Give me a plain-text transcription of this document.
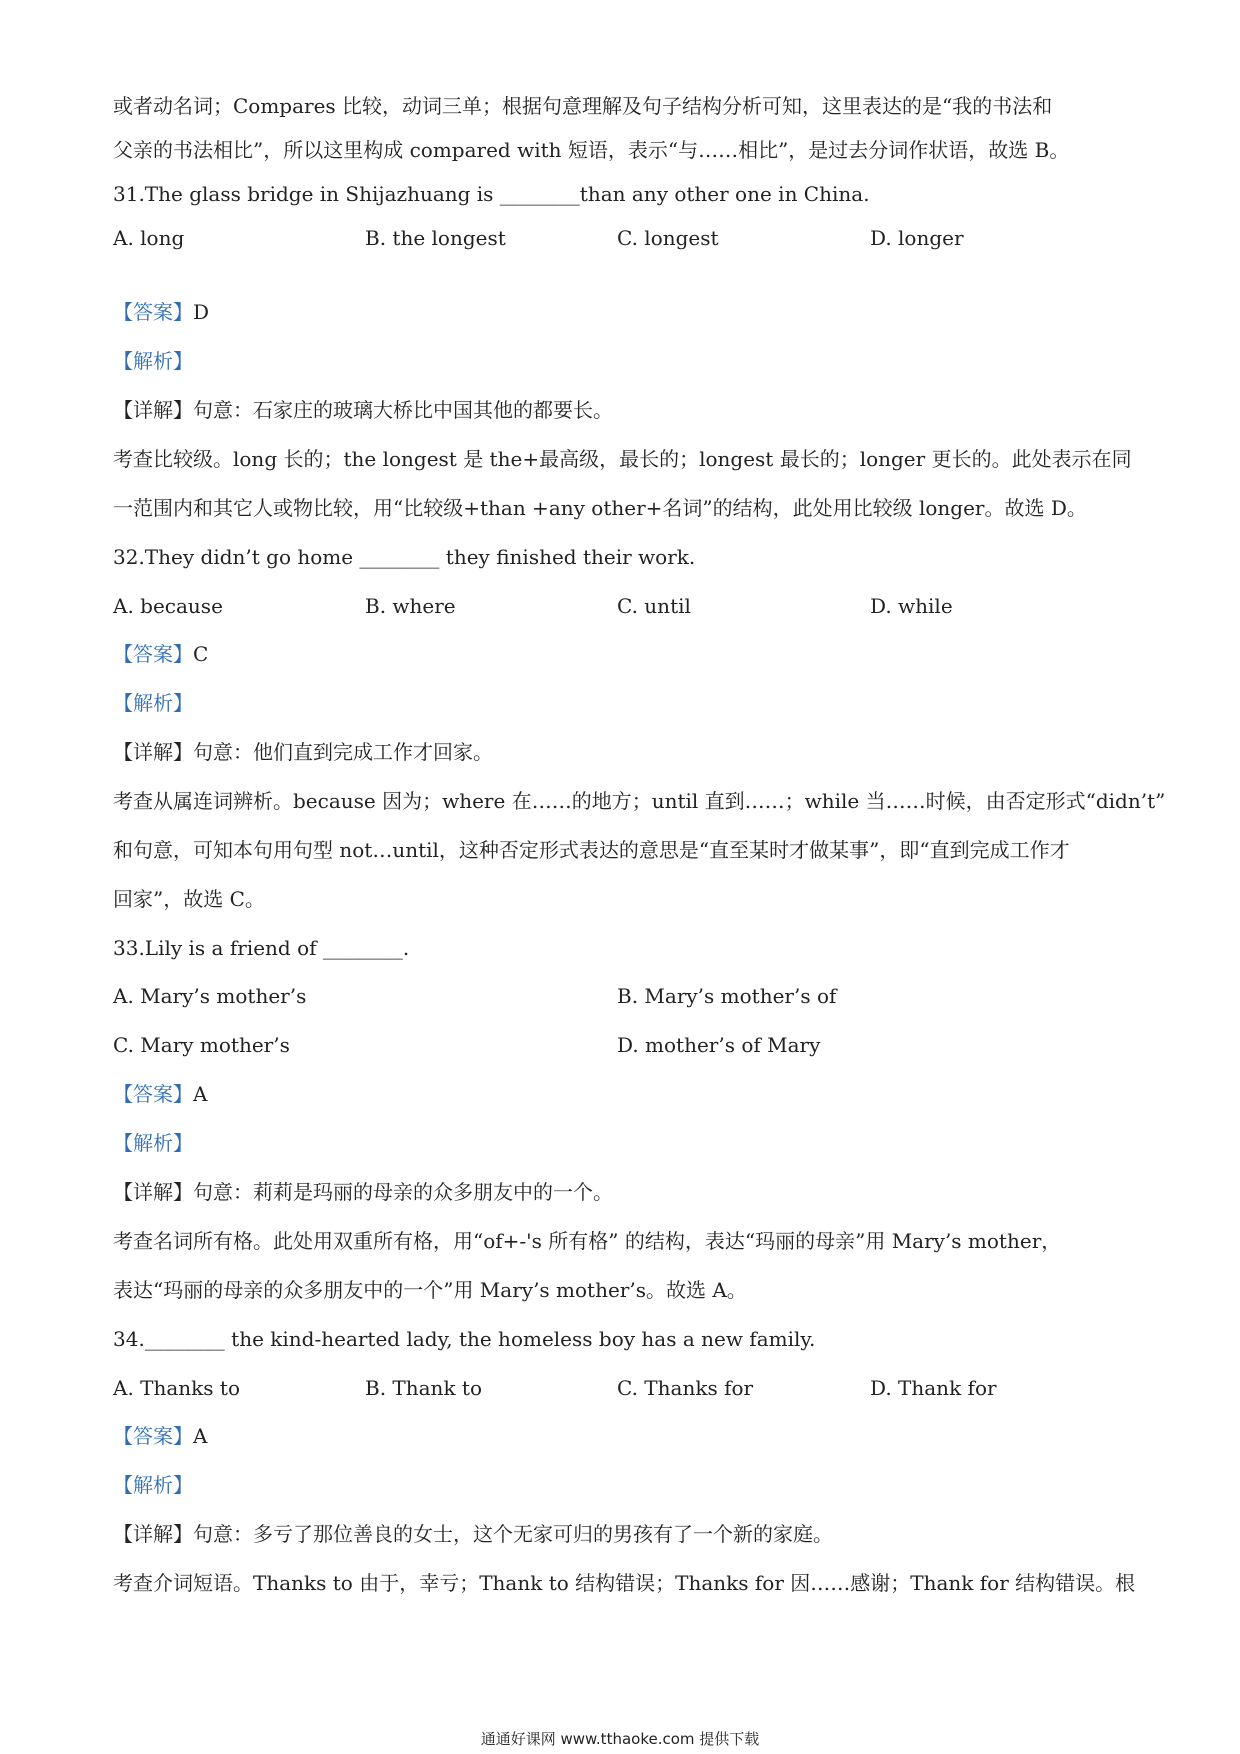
或者动名词；Compares 比较，动词三单；根据句意理解及句子结构分析可知，这里表达的是“我的书法和
父亲的书法相比”，所以这里构成 compared with 短语，表示“与……相比”，是过去分词作状语，故选 B。
31.The glass bridge in Shijazhuang is ________than any other one in China.
A. long	B. the longest	C. longest	D. longer
【答案】D
【解析】
【详解】句意：石家庄的玻璃大桥比中国其他的都要长。
考查比较级。long 长的；the longest 是 the+最高级，最长的；longest 最长的；longer 更长的。此处表示在同
一范围内和其它人或物比较，用“比较级+than +any other+名词”的结构，此处用比较级 longer。故选 D。
32.They didn’t go home ________ they finished their work.
A. because	B. where	C. until	D. while
【答案】C
【解析】
【详解】句意：他们直到完成工作才回家。
考查从属连词辨析。because 因为；where 在……的地方；until 直到……；while 当……时候，由否定形式“didn’t”
和句意，可知本句用句型 not…until，这种否定形式表达的意思是“直至某时才做某事”，即“直到完成工作才
回家”，故选 C。
33.Lily is a friend of ________.
A. Mary’s mother’s	B. Mary’s mother’s of
C. Mary mother’s	D. mother’s of Mary
【答案】A
【解析】
【详解】句意：莉莉是玛丽的母亲的众多朋友中的一个。
考查名词所有格。此处用双重所有格，用“of+-'s 所有格” 的结构，表达“玛丽的母亲”用 Mary’s mother，
表达“玛丽的母亲的众多朋友中的一个”用 Mary’s mother’s。故选 A。
34.________ the kind-hearted lady, the homeless boy has a new family.
A. Thanks to	B. Thank to	C. Thanks for	D. Thank for
【答案】A
【解析】
【详解】句意：多亏了那位善良的女士，这个无家可归的男孩有了一个新的家庭。
考查介词短语。Thanks to 由于，幸亏；Thank to 结构错误；Thanks for 因……感谢；Thank for 结构错误。根
通通好课网 www.tthaoke.com 提供下载
